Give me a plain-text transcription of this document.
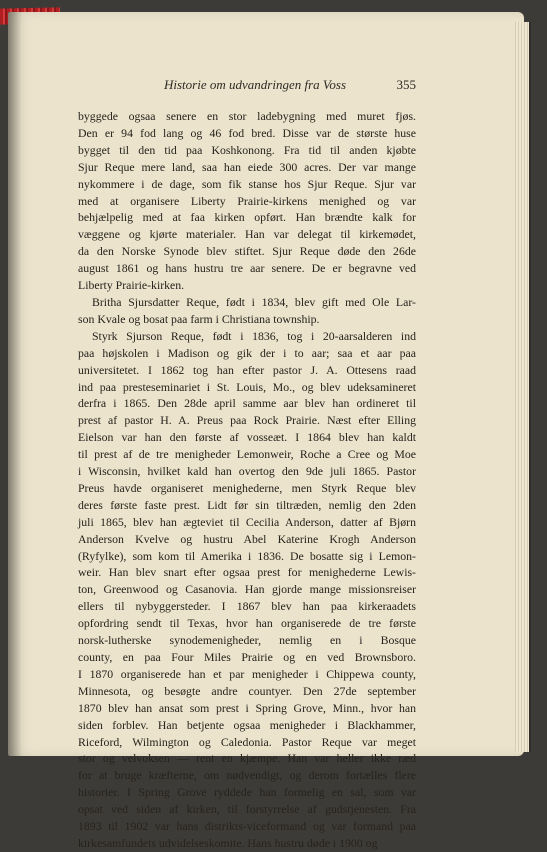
Historie om udvandringen fra Voss	355
byggede ogsaa senere en stor ladebygning med muret fjøs.
Den er 94 fod lang og 46 fod bred. Disse var de største huse
bygget til den tid paa Koshkonong. Fra tid til anden kjøbte
Sjur Reque mere land, saa han eiede 300 acres. Der var mange
nykommere i de dage, som fik stanse hos Sjur Reque. Sjur var
med at organisere Liberty Prairie-kirkens menighed og var
behjælpelig med at faa kirken opført. Han brændte kalk for
væggene og kjørte materialer. Han var delegat til kirkemødet,
da den Norske Synode blev stiftet. Sjur Reque døde den 26de
august 1861 og hans hustru tre aar senere. De er begravne ved
Liberty Prairie-kirken.
Britha Sjursdatter Reque, født i 1834, blev gift med Ole Lar-
son Kvale og bosat paa farm i Christiana township.
Styrk Sjurson Reque, født i 1836, tog i 20-aarsalderen ind
paa højskolen i Madison og gik der i to aar; saa et aar paa
universitetet. I 1862 tog han efter pastor J. A. Ottesens raad
ind paa presteseminariet i St. Louis, Mo., og blev udeksamineret
derfra i 1865. Den 28de april samme aar blev han ordineret til
prest af pastor H. A. Preus paa Rock Prairie. Næst efter Elling
Eielson var han den første af vosseæt. I 1864 blev han kaldt
til prest af de tre menigheder Lemonweir, Roche a Cree og Moe
i Wisconsin, hvilket kald han overtog den 9de juli 1865. Pastor
Preus havde organiseret menighederne, men Styrk Reque blev
deres første faste prest. Lidt før sin tiltræden, nemlig den 2den
juli 1865, blev han ægteviet til Cecilia Anderson, datter af Bjørn
Anderson Kvelve og hustru Abel Katerine Krogh Anderson
(Ryfylke), som kom til Amerika i 1836. De bosatte sig i Lemon-
weir. Han blev snart efter ogsaa prest for menighederne Lewis-
ton, Greenwood og Casanovia. Han gjorde mange missionsreiser
ellers til nybyggersteder. I 1867 blev han paa kirkeraadets
opfordring sendt til Texas, hvor han organiserede de tre første
norsk-lutherske synodemenigheder, nemlig en i Bosque
county, en paa Four Miles Prairie og en ved Brownsboro.
I 1870 organiserede han et par menigheder i Chippewa county,
Minnesota, og besøgte andre countyer. Den 27de september
1870 blev han ansat som prest i Spring Grove, Minn., hvor han
siden forblev. Han betjente ogsaa menigheder i Blackhammer,
Riceford, Wilmington og Caledonia. Pastor Reque var meget
stor og velvoksen — rent en kjæmpe. Han var heller ikke ræd
for at bruge kræfterne, om nødvendigt, og derom fortælles flere
historier. I Spring Grove ryddede han formelig en sal, som var
opsat ved siden af kirken, til forstyrrelse af gudstjenesten. Fra
1893 til 1902 var hans distrikts-viceformand og var formand paa
kirkesamfundets udvidelseskomite. Hans hustru døde i 1900 og
